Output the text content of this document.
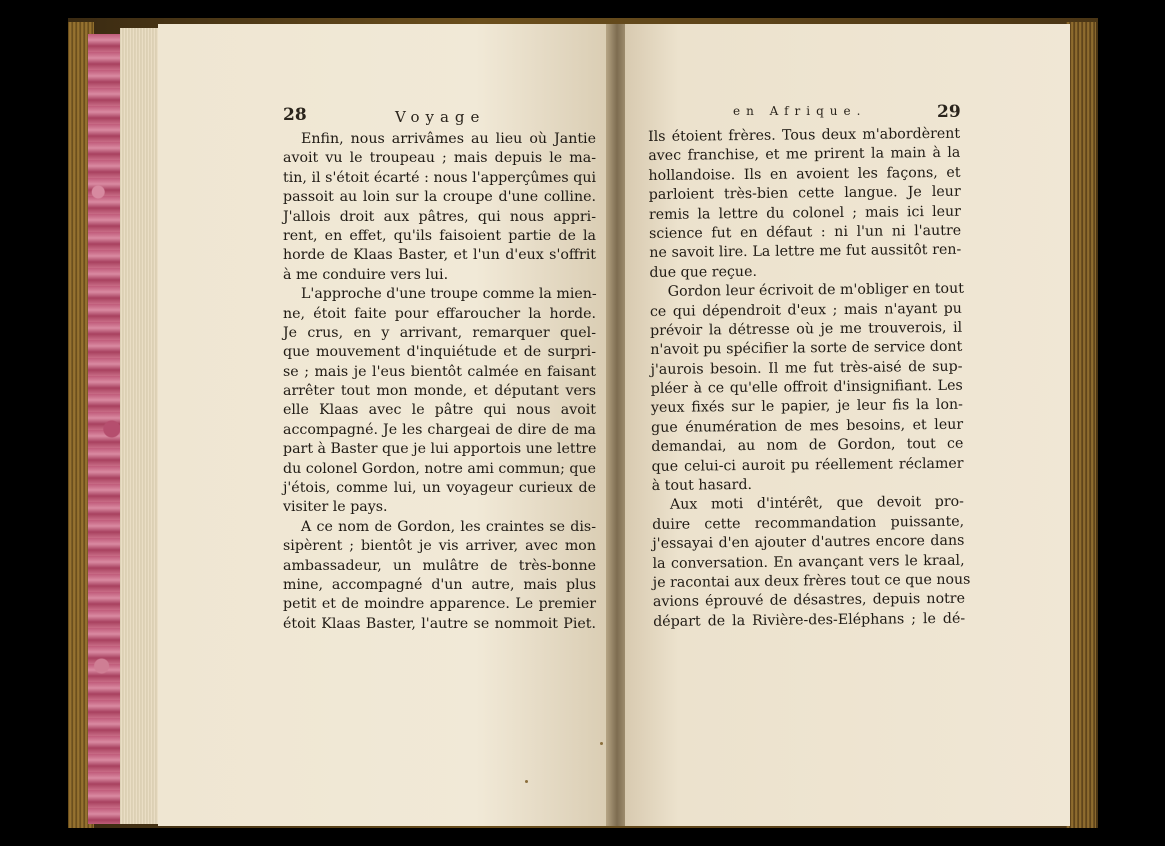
28	Voyage	en Afrique.	29
Enfin, nous arrivâmes au lieu où Jantie
avoit vu le troupeau ; mais depuis le ma-
tin, il s'étoit écarté : nous l'apperçûmes qui
passoit au loin sur la croupe d'une colline.
J'allois droit aux pâtres, qui nous appri-
rent, en effet, qu'ils faisoient partie de la
horde de Klaas Baster, et l'un d'eux s'offrit
à me conduire vers lui.
L'approche d'une troupe comme la mien-
ne, étoit faite pour effaroucher la horde.
Je crus, en y arrivant, remarquer quel-
que mouvement d'inquiétude et de surpri-
se ; mais je l'eus bientôt calmée en faisant
arrêter tout mon monde, et députant vers
elle Klaas avec le pâtre qui nous avoit
accompagné. Je les chargeai de dire de ma
part à Baster que je lui apportois une lettre
du colonel Gordon, notre ami commun; que
j'étois, comme lui, un voyageur curieux de
visiter le pays.
A ce nom de Gordon, les craintes se dis-
sipèrent ; bientôt je vis arriver, avec mon
ambassadeur, un mulâtre de très-bonne
mine, accompagné d'un autre, mais plus
petit et de moindre apparence. Le premier
étoit Klaas Baster, l'autre se nommoit Piet.
Ils étoient frères. Tous deux m'abordèrent
avec franchise, et me prirent la main à la
hollandoise. Ils en avoient les façons, et
parloient très-bien cette langue. Je leur
remis la lettre du colonel ; mais ici leur
science fut en défaut : ni l'un ni l'autre
ne savoit lire. La lettre me fut aussitôt ren-
due que reçue.
Gordon leur écrivoit de m'obliger en tout
ce qui dépendroit d'eux ; mais n'ayant pu
prévoir la détresse où je me trouverois, il
n'avoit pu spécifier la sorte de service dont
j'aurois besoin. Il me fut très-aisé de sup-
pléer à ce qu'elle offroit d'insignifiant. Les
yeux fixés sur le papier, je leur fis la lon-
gue énumération de mes besoins, et leur
demandai, au nom de Gordon, tout ce
que celui-ci auroit pu réellement réclamer
à tout hasard.
Aux moti d'intérêt, que devoit pro-
duire cette recommandation puissante,
j'essayai d'en ajouter d'autres encore dans
la conversation. En avançant vers le kraal,
je racontai aux deux frères tout ce que nous
avions éprouvé de désastres, depuis notre
départ de la Rivière-des-Eléphans ; le dé-
